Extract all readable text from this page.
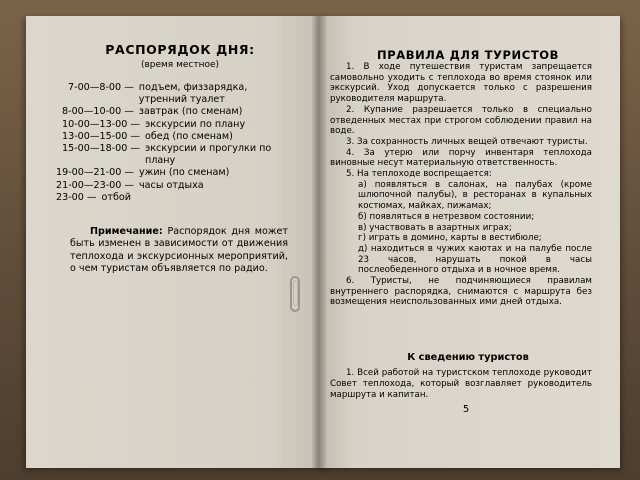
РАСПОРЯДОК ДНЯ:
(время местное)
7-00—8-00 — подъем, физзарядка, утренний туалет
8-00—10-00 — завтрак (по сменам)
10-00—13-00 — экскурсии по плану
13-00—15-00 — обед (по сменам)
15-00—18-00 — экскурсии и прогулки по плану
19-00—21-00 — ужин (по сменам)
21-00—23-00 — часы отдыха
23-00 — отбой
Примечание: Распорядок дня может быть изменен в зависимости от движения теплохода и экскурсионных мероприятий, о чем туристам объявляется по радио.
ПРАВИЛА ДЛЯ ТУРИСТОВ

1. В ходе путешествия туристам запрещается самовольно уходить с теплохода во время стоянок или экскурсий. Уход допускается только с разрешения руководителя маршрута.

2. Купание разрешается только в специально отведенных местах при строгом соблюдении правил на воде.

3. За сохранность личных вещей отвечают туристы.

4. За утерю или порчу инвентаря теплохода виновные несут материальную ответственность.

5. На теплоходе воспрещается:

а) появляться в салонах, на палубах (кроме шлюпочной палубы), в ресторанах в купальных костюмах, майках, пижамах;
б) появляться в нетрезвом состоянии;
в) участвовать в азартных играх;
г) играть в домино, карты в вестибюле;
д) находиться в чужих каютах и на палубе после 23 часов, нарушать покой в часы послеобеденного отдыха и в ночное время.

6. Туристы, не подчиняющиеся правилам внутреннего распорядка, снимаются с маршрута без возмещения неиспользованных ими дней отдыха.

К сведению туристов
1. Всей работой на туристском теплоходе руководит Совет теплохода, который возглавляет руководитель маршрута и капитан.
5
